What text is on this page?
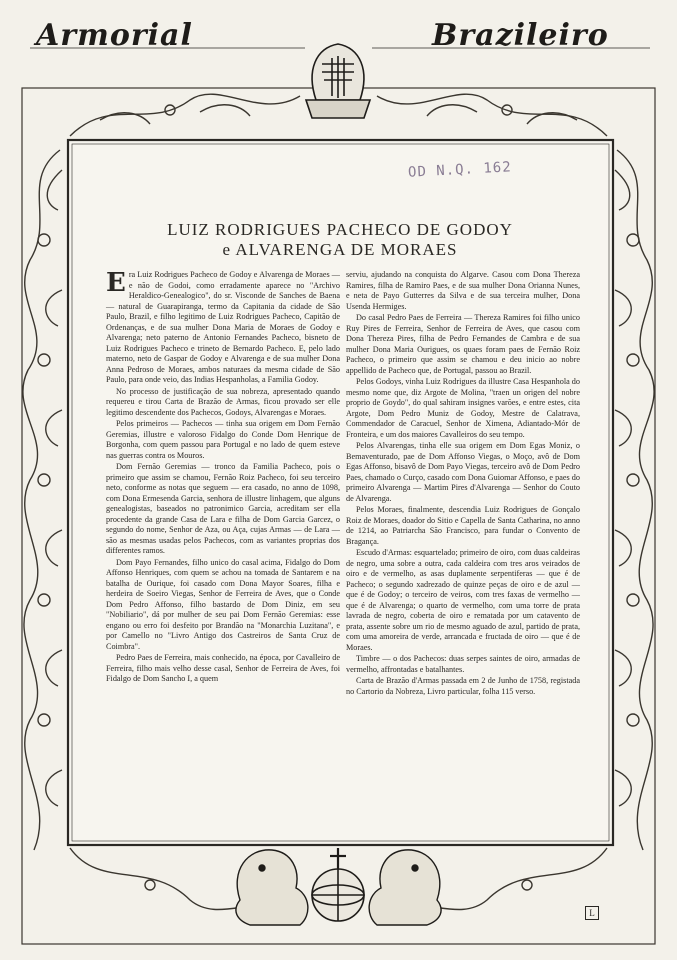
Armorial	Brazileiro
OD N.Q. 162
LUIZ RODRIGUES PACHECO DE GODOY
e ALVARENGA DE MORAES

Era Luiz Rodrigues Pacheco de Godoy e Alvarenga de Moraes — e não de Godoi, como erradamente aparece no "Archivo Heraldico-Genealogico", do sr. Visconde de Sanches de Baena — natural de Guarapiranga, termo da Capitania da cidade de São Paulo, Brazil, e filho legitimo de Luiz Rodrigues Pacheco, Capitão de Ordenanças, e de sua mulher Dona Maria de Moraes de Godoy e Alvarenga; neto paterno de Antonio Fernandes Pacheco, bisneto de Luiz Rodrigues Pacheco e trineto de Bernardo Pacheco. E, pelo lado materno, neto de Gaspar de Godoy e Alvarenga e de sua mulher Dona Anna Pedroso de Moraes, ambos naturaes da mesma cidade de São Paulo, para onde veio, das Indias Hespanholas, a Familia Godoy.

No processo de justificação de sua nobreza, apresentado quando requereu e tirou Carta de Brazão de Armas, ficou provado ser elle legitimo descendente dos Pachecos, Godoys, Alvarengas e Moraes.

Pelos primeiros — Pachecos — tinha sua origem em Dom Fernão Geremias, illustre e valoroso Fidalgo do Conde Dom Henrique de Borgonha, com quem passou para Portugal e no lado de quem esteve nas guerras contra os Mouros.

Dom Fernão Geremias — tronco da Familia Pacheco, pois o primeiro que assim se chamou, Fernão Roiz Pacheco, foi seu terceiro neto, conforme as notas que seguem — era casado, no anno de 1098, com Dona Ermesenda Garcia, senhora de illustre linhagem, que alguns genealogistas, baseados no patronimico Garcia, acreditam ser ella procedente da grande Casa de Lara e filha de Dom Garcia Garcez, o segundo do nome, Senhor de Aza, ou Aça, cujas Armas — de Lara — são as mesmas usadas pelos Pachecos, com as variantes proprias dos differentes ramos.

Dom Payo Fernandes, filho unico do casal acima, Fidalgo do Dom Affonso Henriques, com quem se achou na tomada de Santarem e na batalha de Ourique, foi casado com Dona Mayor Soares, filha e herdeira de Soeiro Viegas, Senhor de Ferreira de Aves, que o Conde Dom Pedro Affonso, filho bastardo de Dom Diniz, em seu "Nobiliario", dá por mulher de seu pai Dom Fernão Geremias: esse engano ou erro foi desfeito por Brandão na "Monarchia Luzitana", e por Camello no "Livro Antigo dos Castreiros de Santa Cruz de Coimbra".

Pedro Paes de Ferreira, mais conhecido, na época, por Cavalleiro de Ferreira, filho mais velho desse casal, Senhor de Ferreira de Aves, foi Fidalgo de Dom Sancho I, a quem

serviu, ajudando na conquista do Algarve. Casou com Dona Thereza Ramires, filha de Ramiro Paes, e de sua mulher Dona Orianna Nunes, e neta de Payo Gutterres da Silva e de sua terceira mulher, Dona Usenda Hermiges.

Do casal Pedro Paes de Ferreira — Thereza Ramires foi filho unico Ruy Pires de Ferreira, Senhor de Ferreira de Aves, que casou com Dona Thereza Pires, filha de Pedro Fernandes de Cambra e de sua mulher Dona Maria Ourigues, os quaes foram paes de Fernão Roiz Pacheco, o primeiro que assim se chamou e deu inicio ao nobre appellido de Pacheco que, de Portugal, passou ao Brazil.

Pelos Godoys, vinha Luiz Rodrigues da illustre Casa Hespanhola do mesmo nome que, diz Argote de Molina, "traen un origen del nobre proprio de Goydo", do qual sahiram insignes varões, e entre estes, cita Argote, Dom Pedro Muniz de Godoy, Mestre de Calatrava, Commendador de Caracuel, Senhor de Ximena, Adiantado-Mór de Fronteira, e um dos maiores Cavalleiros do seu tempo.

Pelos Alvarengas, tinha elle sua origem em Dom Egas Moniz, o Bemaventurado, pae de Dom Affonso Viegas, o Moço, avô de Dom Egas Affonso, bisavô de Dom Payo Viegas, terceiro avô de Dom Pedro Paes, chamado o Curço, casado com Dona Guiomar Affonso, e paes do primeiro Alvarenga — Martim Pires d'Alvarenga — Senhor do Couto de Alvarenga.

Pelos Moraes, finalmente, descendia Luiz Rodrigues de Gonçalo Roiz de Moraes, doador do Sitio e Capella de Santa Catharina, no anno de 1214, ao Patriarcha São Francisco, para fundar o Convento de Bragança.

Escudo d'Armas: esquartelado; primeiro de oiro, com duas caldeiras de negro, uma sobre a outra, cada caldeira com tres aros veirados de oiro e de vermelho, as asas duplamente serpentiferas — que é de Pacheco; o segundo xadrezado de quinze peças de oiro e de azul — que é de Godoy; o terceiro de veiros, com tres faxas de vermelho — que é de Alvarenga; o quarto de vermelho, com uma torre de prata lavrada de negro, coberta de oiro e rematada por um catavento de prata, assente sobre um rio de mesmo aguado de azul, partido de prata, com uma amoreira de verde, arrancada e fructada de oiro — que é de Moraes.

Timbre — o dos Pachecos: duas serpes saintes de oiro, armadas de vermelho, affrontadas e batalhantes.

Carta de Brazão d'Armas passada em 2 de Junho de 1758, registada no Cartorio da Nobreza, Livro particular, folha 115 verso.

L
